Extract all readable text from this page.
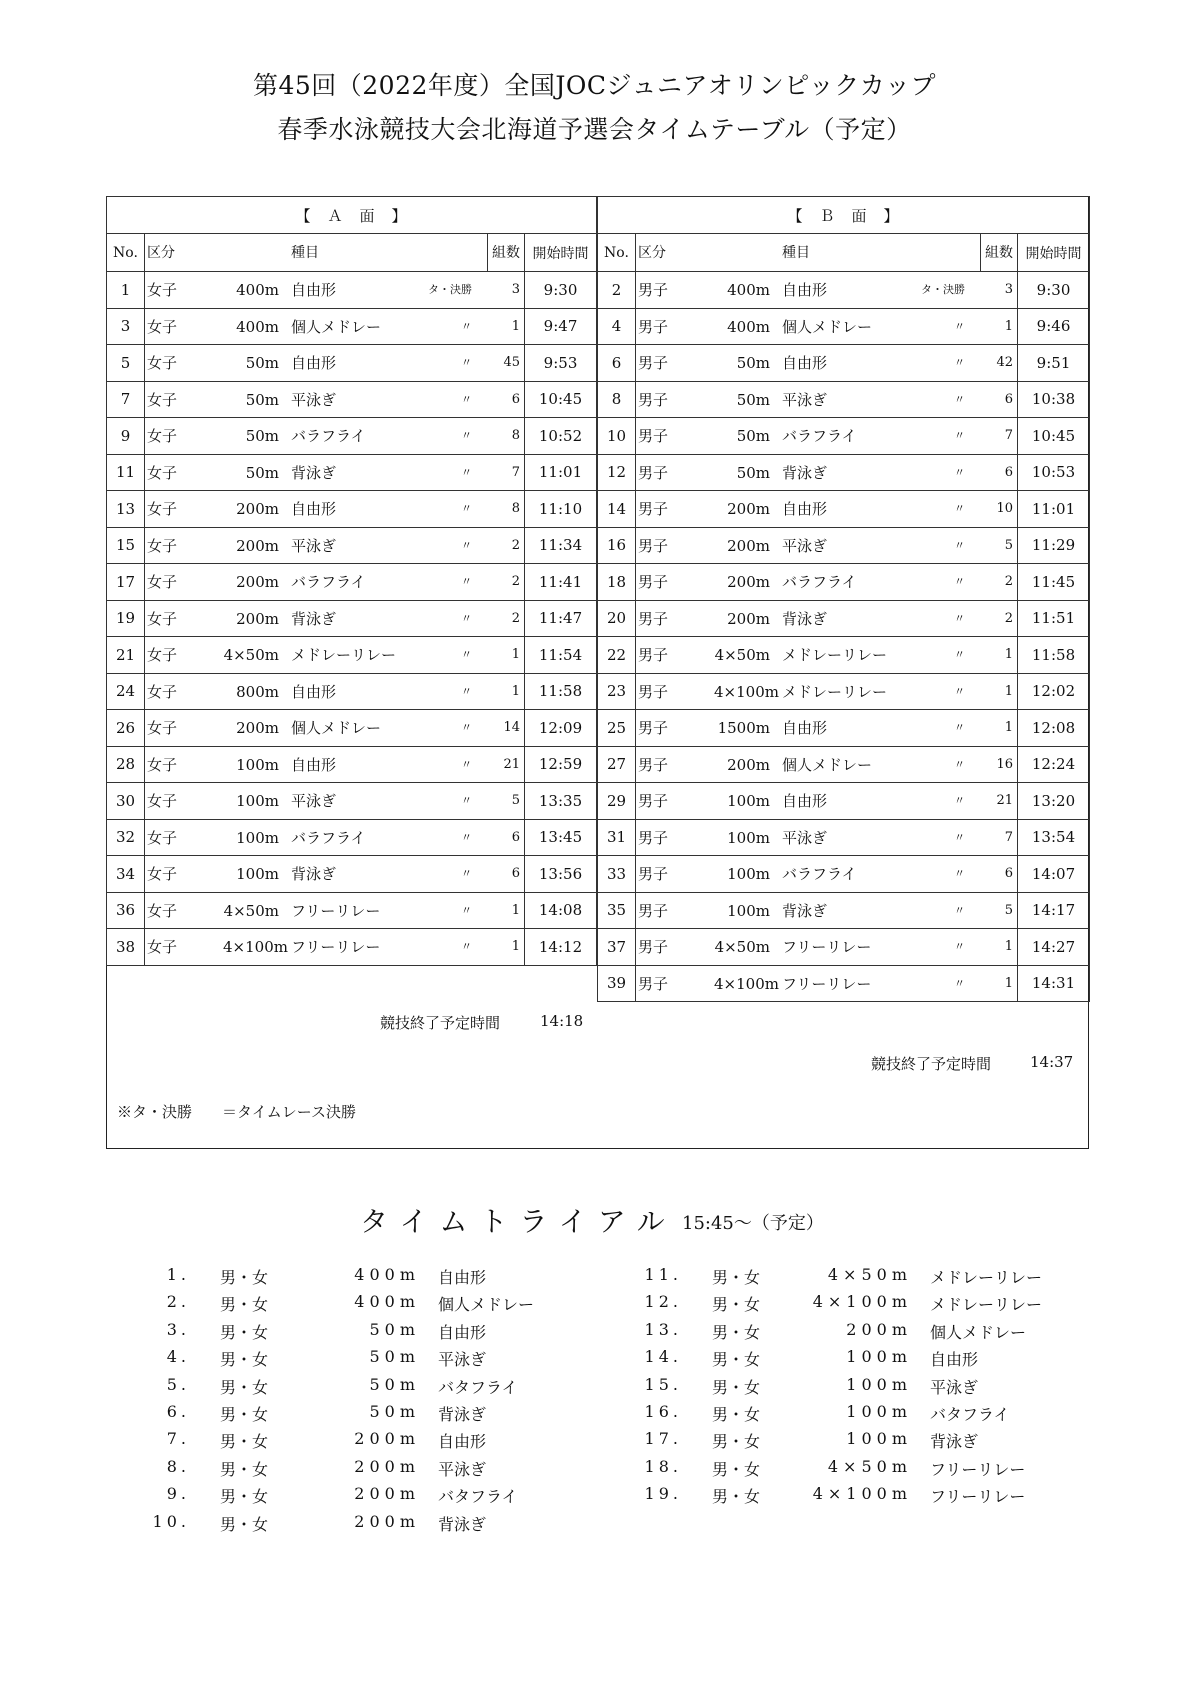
第45回（2022年度）全国JOCジュニアオリンピックカップ
春季水泳競技大会北海道予選会タイムテーブル（予定）
【　Ａ　面　】		
No.	区分 種目 組数	開始時間
1	女子 400m 自由形 タ・決勝 3	9:30
3	女子 400m 個人メドレー 〃 1	9:47
5	女子 50m 自由形 〃 45	9:53
7	女子 50m 平泳ぎ 〃 6	10:45
9	女子 50m バラフライ 〃 8	10:52
11	女子 50m 背泳ぎ 〃 7	11:01
13	女子 200m 自由形 〃 8	11:10
15	女子 200m 平泳ぎ 〃 2	11:34
17	女子 200m バラフライ 〃 2	11:41
19	女子 200m 背泳ぎ 〃 2	11:47
21	女子 4×50m メドレーリレー 〃 1	11:54
24	女子 800m 自由形 〃 1	11:58
26	女子 200m 個人メドレー 〃 14	12:09
28	女子 100m 自由形 〃 21	12:59
30	女子 100m 平泳ぎ 〃 5	13:35
32	女子 100m バラフライ 〃 6	13:45
34	女子 100m 背泳ぎ 〃 6	13:56
36	女子 4×50m フリーリレー 〃 1	14:08
38	女子 4×100m フリーリレー 〃 1	14:12
【　Ｂ　面　】		
No.	区分 種目 組数	開始時間
2	男子 400m 自由形 タ・決勝 3	9:30
4	男子 400m 個人メドレー 〃 1	9:46
6	男子 50m 自由形 〃 42	9:51
8	男子 50m 平泳ぎ 〃 6	10:38
10	男子 50m バラフライ 〃 7	10:45
12	男子 50m 背泳ぎ 〃 6	10:53
14	男子 200m 自由形 〃 10	11:01
16	男子 200m 平泳ぎ 〃 5	11:29
18	男子 200m バラフライ 〃 2	11:45
20	男子 200m 背泳ぎ 〃 2	11:51
22	男子 4×50m メドレーリレー 〃 1	11:58
23	男子 4×100m メドレーリレー 〃 1	12:02
25	男子 1500m 自由形 〃 1	12:08
27	男子 200m 個人メドレー 〃 16	12:24
29	男子 100m 自由形 〃 21	13:20
31	男子 100m 平泳ぎ 〃 7	13:54
33	男子 100m バラフライ 〃 6	14:07
35	男子 100m 背泳ぎ 〃 5	14:17
37	男子 4×50m フリーリレー 〃 1	14:27
39	男子 4×100m フリーリレー 〃 1	14:31
競技終了予定時間	14:18
競技終了予定時間	14:37
※タ・決勝　　＝タイムレース決勝
タイムトライアル 15:45～（予定）
1. 男・女	400m 自由形
2. 男・女	400m 個人メドレー
3. 男・女	50m 自由形
4. 男・女	50m 平泳ぎ
5. 男・女	50m バタフライ
6. 男・女	50m 背泳ぎ
7. 男・女	200m 自由形
8. 男・女	200m 平泳ぎ
9. 男・女	200m バタフライ
10. 男・女	200m 背泳ぎ
11. 男・女	4×50m メドレーリレー
12. 男・女	4×100m メドレーリレー
13. 男・女	200m 個人メドレー
14. 男・女	100m 自由形
15. 男・女	100m 平泳ぎ
16. 男・女	100m バタフライ
17. 男・女	100m 背泳ぎ
18. 男・女	4×50m フリーリレー
19. 男・女	4×100m フリーリレー
